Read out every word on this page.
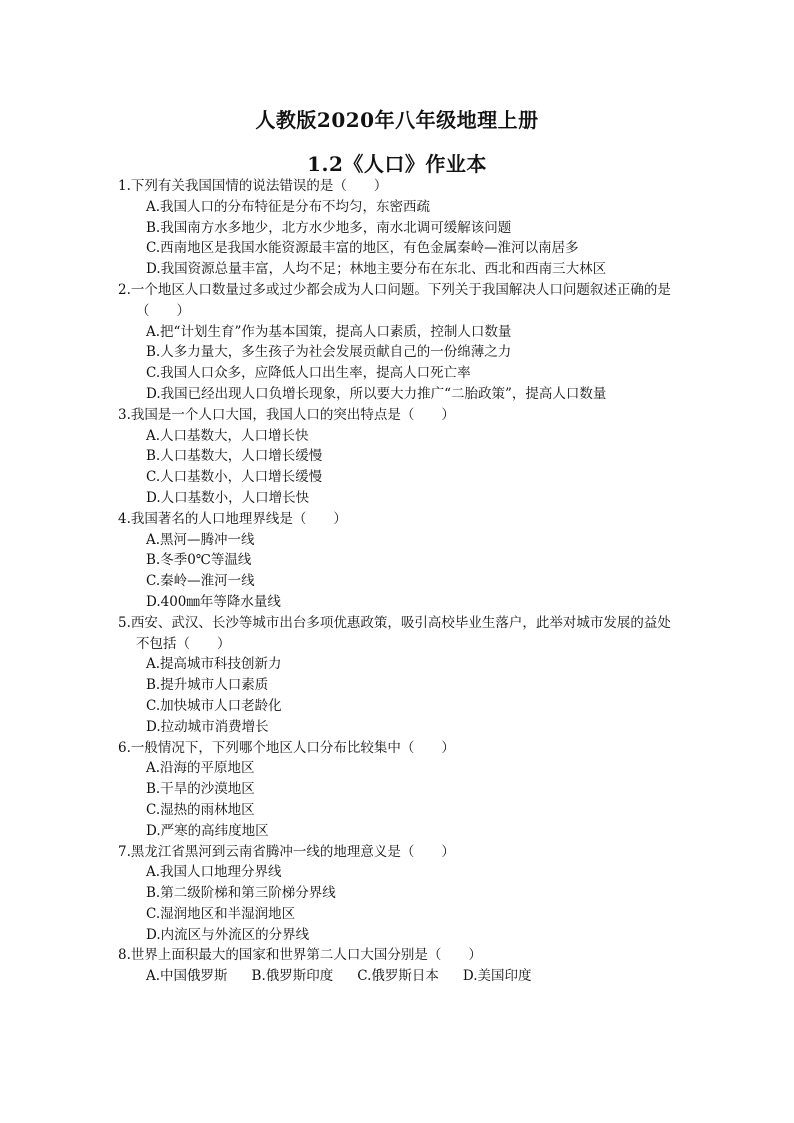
人教版2020年八年级地理上册
1.2《人口》作业本
1.下列有关我国国情的说法错误的是（　　）
A.我国人口的分布特征是分布不均匀，东密西疏
B.我国南方水多地少，北方水少地多，南水北调可缓解该问题
C.西南地区是我国水能资源最丰富的地区，有色金属秦岭—淮河以南居多
D.我国资源总量丰富，人均不足；林地主要分布在东北、西北和西南三大林区
2.一个地区人口数量过多或过少都会成为人口问题。下列关于我国解决人口问题叙述正确的是
（　　）
A.把“计划生育”作为基本国策，提高人口素质，控制人口数量
B.人多力量大，多生孩子为社会发展贡献自己的一份绵薄之力
C.我国人口众多，应降低人口出生率，提高人口死亡率
D.我国已经出现人口负增长现象，所以要大力推广“二胎政策”，提高人口数量
3.我国是一个人口大国，我国人口的突出特点是（　　）
A.人口基数大，人口增长快
B.人口基数大，人口增长缓慢
C.人口基数小，人口增长缓慢
D.人口基数小，人口增长快
4.我国著名的人口地理界线是（　　）
A.黑河—腾冲一线
B.冬季0℃等温线
C.秦岭—淮河一线
D.400㎜年等降水量线
5.西安、武汉、长沙等城市出台多项优惠政策，吸引高校毕业生落户，此举对城市发展的益处
不包括（　　）
A.提高城市科技创新力
B.提升城市人口素质
C.加快城市人口老龄化
D.拉动城市消费增长
6.一般情况下，下列哪个地区人口分布比较集中（　　）
A.沿海的平原地区
B.干旱的沙漠地区
C.湿热的雨林地区
D.严寒的高纬度地区
7.黑龙江省黑河到云南省腾冲一线的地理意义是（　　）
A.我国人口地理分界线
B.第二级阶梯和第三阶梯分界线
C.湿润地区和半湿润地区
D.内流区与外流区的分界线
8.世界上面积最大的国家和世界第二人口大国分别是（　　）
A.中国俄罗斯 B.俄罗斯印度 C.俄罗斯日本 D.美国印度
